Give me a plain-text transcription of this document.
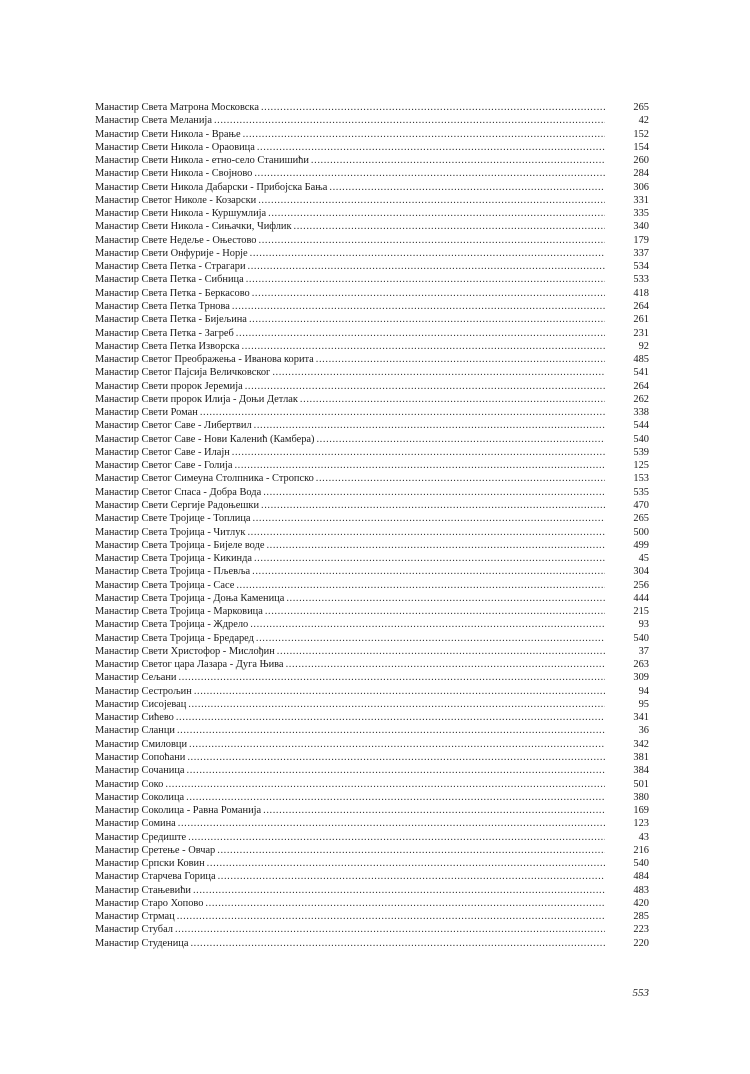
Манастир Света Матрона Московска .....	265
Манастир Света Меланија .....	42
Манастир Свети Никола - Врање .....	152
Манастир Свети Никола - Ораовица .....	154
Манастир Свети Никола - етно-село Станишићи .....	260
Манастир Свети Никола - Својново .....	284
Манастир Свети Никола Дабарски - Прибојска Бања .....	306
Манастир Светог Николе - Козарски .....	331
Манастир Свети Никола - Куршумлија .....	335
Манастир Свети Никола - Сињачки, Чифлик .....	340
Манастир Свете Недеље - Oњестово .....	179
Манастир Свети Онфурије - Норје .....	337
Манастир Света Петка - Страгари .....	534
Манастир Света Петка - Сибница .....	533
Манастир Света Петка - Беркасово .....	418
Манастир Света Петка Трнова .....	264
Манастир Света Петка - Бијељина .....	261
Манастир Света Петка - Загреб .....	231
Манастир Света Петка Изворска .....	92
Манастир Светог Преображења - Иванова корита .....	485
Манастир Светог Пајсија Величковског .....	541
Манастир Свети пророк Јеремија .....	264
Манастир Свети пророк Илија - Доњи Детлак .....	262
Манастир Свети Роман .....	338
Манастир Светог Саве - Либертвил .....	544
Манастир Светог Саве - Нови Каленић (Камбера) .....	540
Манастир Светог Саве - Илајн .....	539
Манастир Светог Саве - Голија .....	125
Манастир Светог Симеуна Столпника - Стропско .....	153
Манастир Светог Спаса - Добра Вода .....	535
Манастир Свети Сергије Радоњешки .....	470
Манастир Свете Тројице - Топлица .....	265
Манастир Света Тројица - Читлук .....	500
Манастир Света Тројица - Бијеле воде .....	499
Манастир Света Тројица - Кикинда .....	45
Манастир Света Тројица - Пљевља .....	304
Манастир Света Тројица - Сасе .....	256
Манастир Света Тројица - Доња Каменица .....	444
Манастир Света Тројица - Марковица .....	215
Манастир Света Тројица - Ждрело .....	93
Манастир Света Тројица - Бредаред .....	540
Манастир Свети Христофор - Мислођин .....	37
Манастир Светог цара Лазара - Дуга Њива .....	263
Манастир Сељани .....	309
Манастир Сестрољин .....	94
Манастир Сисојевац .....	95
Манастир Сићево .....	341
Манастир Сланци .....	36
Манастир Смиловци .....	342
Манастир Сопоћани .....	381
Манастир Сочаница .....	384
Манастир Соко .....	501
Манастир Соколица .....	380
Манастир Соколица - Равна Романија .....	169
Манастир Сомина .....	123
Манастир Средиште .....	43
Манастир Сретење - Овчар .....	216
Манастир Српски Ковин .....	540
Манастир Старчева Горица .....	484
Манастир Стањевићи .....	483
Манастир Старо Хопово .....	420
Манастир Стрмац .....	285
Манастир Стубал .....	223
Манастир Студеница .....	220
553
